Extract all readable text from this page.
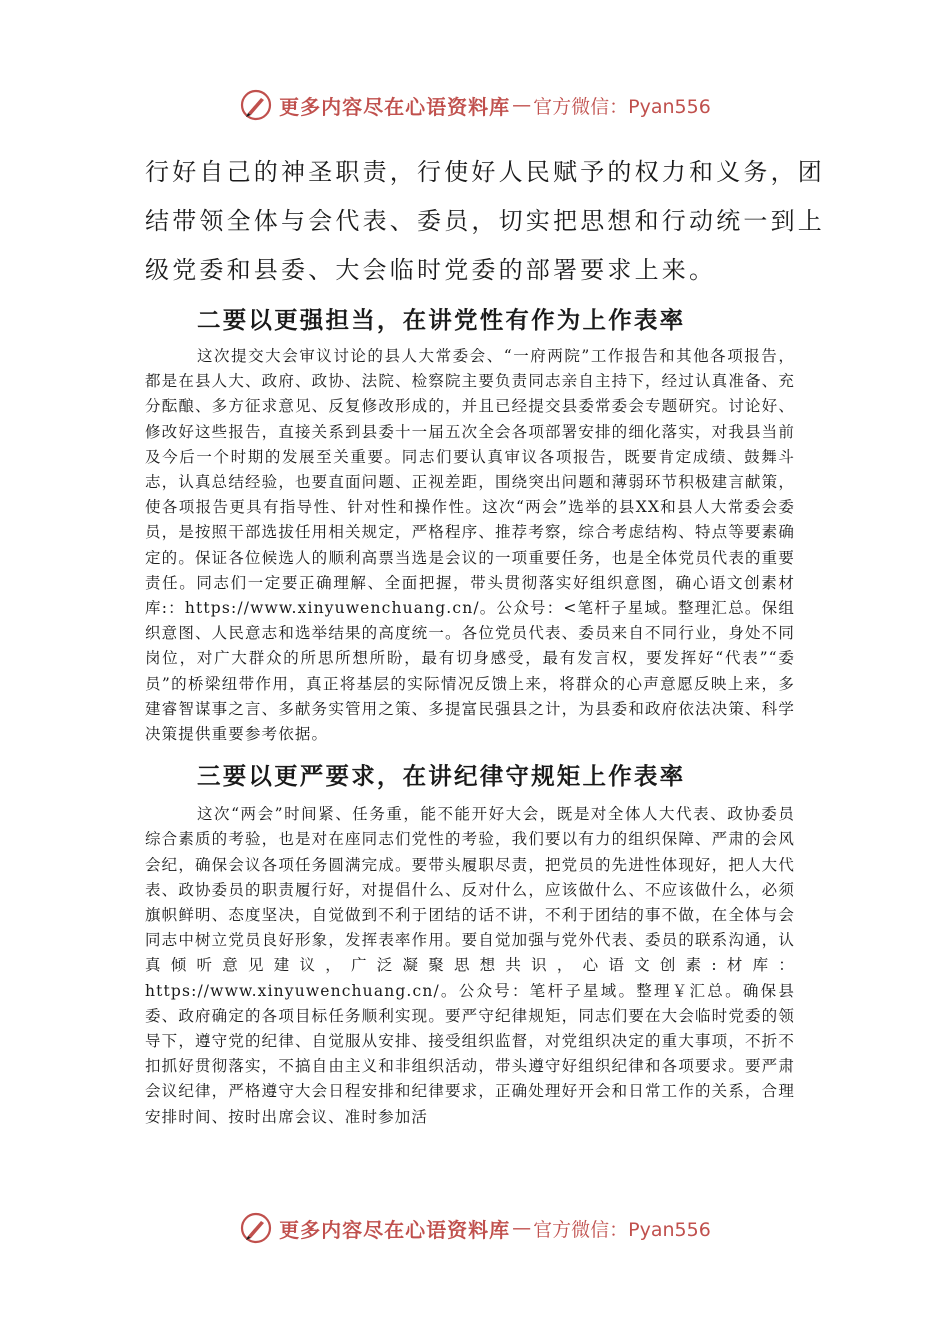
更多内容尽在心语资料库 — 官方微信：Pyan556

行好自己的神圣职责，行使好人民赋予的权力和义务，团

结带领全体与会代表、委员，切实把思想和行动统一到上

级党委和县委、大会临时党委的部署要求上来。

二要以更强担当，在讲党性有作为上作表率

这次提交大会审议讨论的县人大常委会、“一府两院”工作报告和其他各项报告，都是在县人大、政府、政协、法院、检察院主要负责同志亲自主持下，经过认真准备、充分酝酿、多方征求意见、反复修改形成的，并且已经提交县委常委会专题研究。讨论好、修改好这些报告，直接关系到县委十一届五次全会各项部署安排的细化落实，对我县当前及今后一个时期的发展至关重要。同志们要认真审议各项报告，既要肯定成绩、鼓舞斗志，认真总结经验，也要直面问题、正视差距，围绕突出问题和薄弱环节积极建言献策，使各项报告更具有指导性、针对性和操作性。这次“两会”选举的县XX和县人大常委会委员，是按照干部选拔任用相关规定，严格程序、推荐考察，综合考虑结构、特点等要素确定的。保证各位候选人的顺利高票当选是会议的一项重要任务，也是全体党员代表的重要责任。同志们一定要正确理解、全面把握，带头贯彻落实好组织意图，确心语文创素材库:：https://www.xinyuwenchuang.cn/。公众号：<笔杆子星域。整理汇总。保组织意图、人民意志和选举结果的高度统一。各位党员代表、委员来自不同行业，身处不同岗位，对广大群众的所思所想所盼，最有切身感受，最有发言权，要发挥好“代表”“委员”的桥梁纽带作用，真正将基层的实际情况反馈上来，将群众的心声意愿反映上来，多建睿智谋事之言、多献务实管用之策、多提富民强县之计，为县委和政府依法决策、科学决策提供重要参考依据。

三要以更严要求，在讲纪律守规矩上作表率

这次“两会”时间紧、任务重，能不能开好大会，既是对全体人大代表、政协委员综合素质的考验，也是对在座同志们党性的考验，我们要以有力的组织保障、严肃的会风会纪，确保会议各项任务圆满完成。要带头履职尽责，把党员的先进性体现好，把人大代表、政协委员的职责履行好，对提倡什么、反对什么，应该做什么、不应该做什么，必须旗帜鲜明、态度坚决，自觉做到不利于团结的话不讲，不利于团结的事不做，在全体与会同志中树立党员良好形象，发挥表率作用。要自觉加强与党外代表、委员的联系沟通，认真倾听意见建议，广泛凝聚思想共识，心语文创素:材库：https://www.xinyuwenchuang.cn/。公众号：笔杆子星域。整理￥汇总。确保县委、政府确定的各项目标任务顺利实现。要严守纪律规矩，同志们要在大会临时党委的领导下，遵守党的纪律、自觉服从安排、接受组织监督，对党组织决定的重大事项，不折不扣抓好贯彻落实，不搞自由主义和非组织活动，带头遵守好组织纪律和各项要求。要严肃会议纪律，严格遵守大会日程安排和纪律要求，正确处理好开会和日常工作的关系，合理安排时间、按时出席会议、准时参加活

更多内容尽在心语资料库 — 官方微信：Pyan556
